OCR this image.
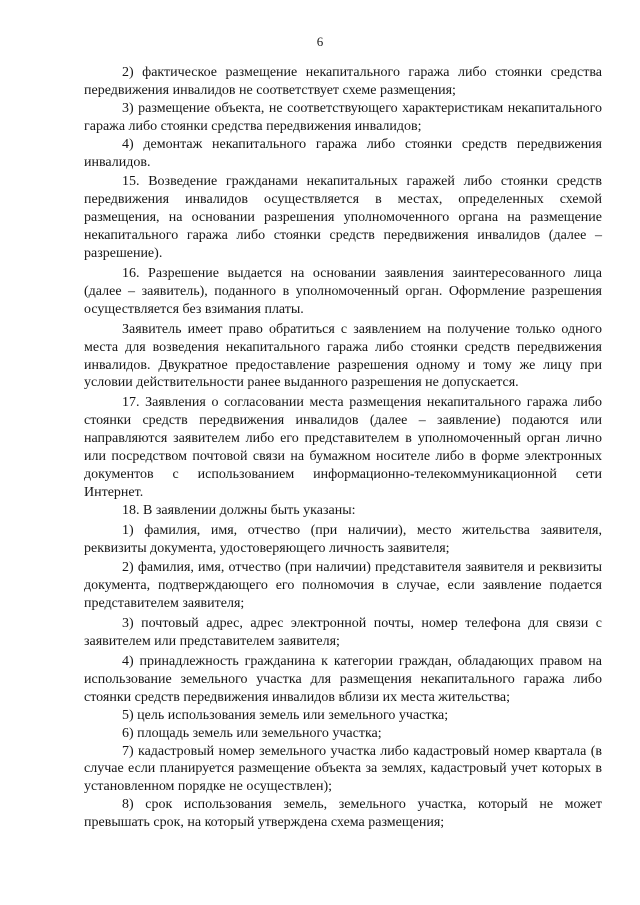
6

2) фактическое размещение некапитального гаража либо стоянки средства передвижения инвалидов не соответствует схеме размещения;

3) размещение объекта, не соответствующего характеристикам некапитального гаража либо стоянки средства передвижения инвалидов;

4) демонтаж некапитального гаража либо стоянки средств передвижения инвалидов.

15. Возведение гражданами некапитальных гаражей либо стоянки средств передвижения инвалидов осуществляется в местах, определенных схемой размещения, на основании разрешения уполномоченного органа на размещение некапитального гаража либо стоянки средств передвижения инвалидов (далее – разрешение).

16. Разрешение выдается на основании заявления заинтересованного лица (далее – заявитель), поданного в уполномоченный орган. Оформление разрешения осуществляется без взимания платы.

Заявитель имеет право обратиться с заявлением на получение только одного места для возведения некапитального гаража либо стоянки средств передвижения инвалидов. Двукратное предоставление разрешения одному и тому же лицу при условии действительности ранее выданного разрешения не допускается.

17. Заявления о согласовании места размещения некапитального гаража либо стоянки средств передвижения инвалидов (далее – заявление) подаются или направляются заявителем либо его представителем в уполномоченный орган лично или посредством почтовой связи на бумажном носителе либо в форме электронных документов с использованием информационно-телекоммуникационной сети Интернет.

18. В заявлении должны быть указаны:

1) фамилия, имя, отчество (при наличии), место жительства заявителя, реквизиты документа, удостоверяющего личность заявителя;

2) фамилия, имя, отчество (при наличии) представителя заявителя и реквизиты документа, подтверждающего его полномочия в случае, если заявление подается представителем заявителя;

3) почтовый адрес, адрес электронной почты, номер телефона для связи с заявителем или представителем заявителя;

4) принадлежность гражданина к категории граждан, обладающих правом на использование земельного участка для размещения некапитального гаража либо стоянки средств передвижения инвалидов вблизи их места жительства;

5) цель использования земель или земельного участка;

6) площадь земель или земельного участка;

7) кадастровый номер земельного участка либо кадастровый номер квартала (в случае если планируется размещение объекта за землях, кадастровый учет которых в установленном порядке не осуществлен);

8) срок использования земель, земельного участка, который не может превышать срок, на который утверждена схема размещения;
